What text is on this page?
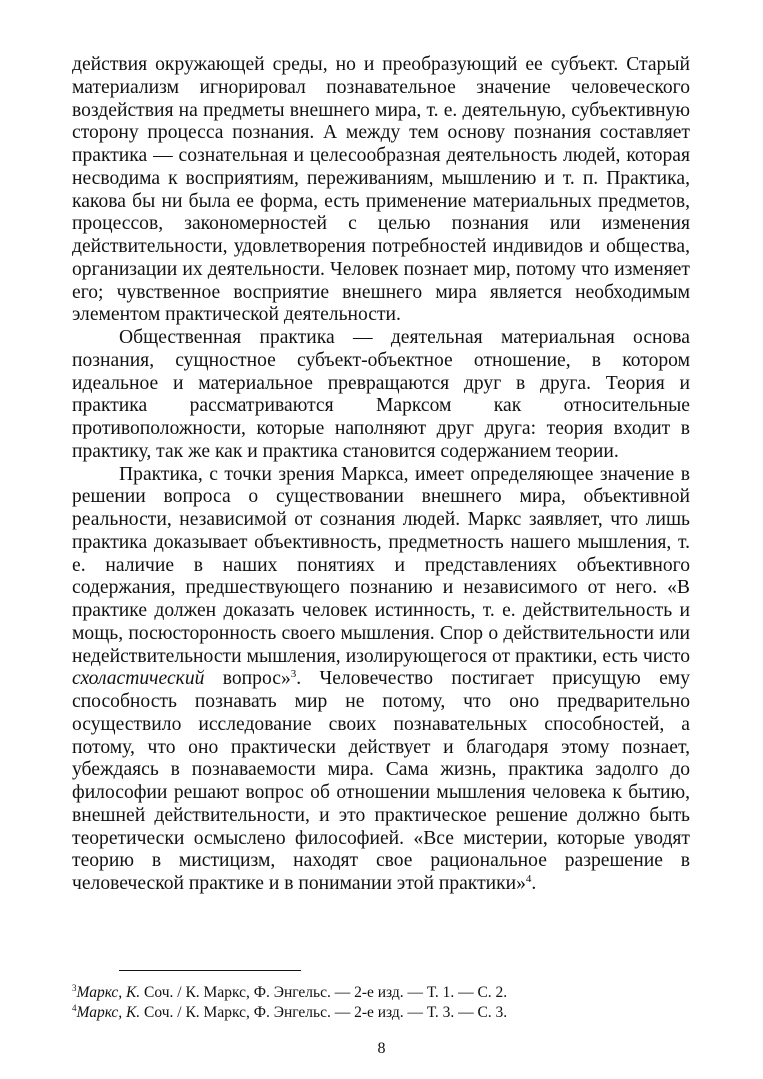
действия окружающей среды, но и преобразующий ее субъект. Старый материализм игнорировал познавательное значение человеческого воздействия на предметы внешнего мира, т. е. деятельную, субъективную сторону процесса познания. А между тем основу познания составляет практика — сознательная и целесообразная деятельность людей, которая несводима к восприятиям, переживаниям, мышлению и т. п. Практика, какова бы ни была ее форма, есть применение материальных предметов, процессов, закономерностей с целью познания или изменения действительности, удовлетворения потребностей индивидов и общества, организации их деятельности. Человек познает мир, потому что изменяет его; чувственное восприятие внешнего мира является необходимым элементом практической деятельности.

Общественная практика — деятельная материальная основа познания, сущностное субъект-объектное отношение, в котором идеальное и материальное превращаются друг в друга. Теория и практика рассматриваются Марксом как относительные противоположности, которые наполняют друг друга: теория входит в практику, так же как и практика становится содержанием теории.

Практика, с точки зрения Маркса, имеет определяющее значение в решении вопроса о существовании внешнего мира, объективной реальности, независимой от сознания людей. Маркс заявляет, что лишь практика доказывает объективность, предметность нашего мышления, т. е. наличие в наших понятиях и представлениях объективного содержания, предшествующего познанию и независимого от него. «В практике должен доказать человек истинность, т. е. действительность и мощь, посюсторонность своего мышления. Спор о действительности или недействительности мышления, изолирующегося от практики, есть чисто схоластический вопрос»$^3$. Человечество постигает присущую ему способность познавать мир не потому, что оно предварительно осуществило исследование своих познавательных способностей, а потому, что оно практически действует и благодаря этому познает, убеждаясь в познаваемости мира. Сама жизнь, практика задолго до философии решают вопрос об отношении мышления человека к бытию, внешней действительности, и это практическое решение должно быть теоретически осмыслено философией. «Все мистерии, которые уводят теорию в мистицизм, находят свое рациональное разрешение в человеческой практике и в понимании этой практики»$^4$.

$^3$Маркс, К. Соч. / К. Маркс, Ф. Энгельс. — 2-е изд. — Т. 1. — С. 2.

$^4$Маркс, К. Соч. / К. Маркс, Ф. Энгельс. — 2-е изд. — Т. 3. — С. 3.

8
